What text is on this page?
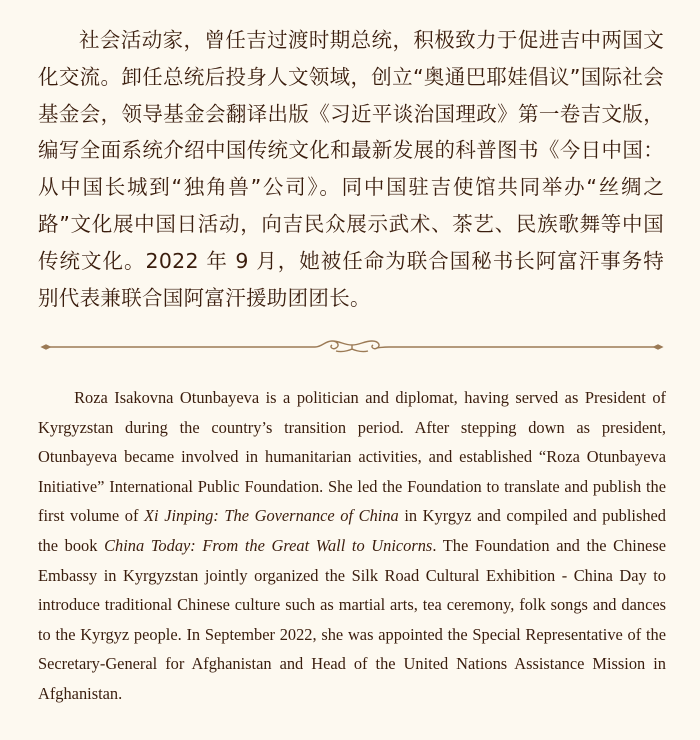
社会活动家，曾任吉过渡时期总统，积极致力于促进吉中两国文化交流。卸任总统后投身人文领域，创立“奥通巴耶娃倡议”国际社会基金会，领导基金会翻译出版《习近平谈治国理政》第一卷吉文版，编写全面系统介绍中国传统文化和最新发展的科普图书《今日中国：从中国长城到“独角兽”公司》。同中国驻吉使馆共同举办“丝绸之路”文化展中国日活动，向吉民众展示武术、茶艺、民族歌舞等中国传统文化。2022 年 9 月，她被任命为联合国秘书长阿富汗事务特别代表兼联合国阿富汗援助团团长。

Roza Isakovna Otunbayeva is a politician and diplomat, having served as President of Kyrgyzstan during the country’s transition period. After stepping down as president, Otunbayeva became involved in humanitarian activities, and established “Roza Otunbayeva Initiative” International Public Foundation. She led the Foundation to translate and publish the first volume of Xi Jinping: The Governance of China in Kyrgyz and compiled and published the book China Today: From the Great Wall to Unicorns. The Foundation and the Chinese Embassy in Kyrgyzstan jointly organized the Silk Road Cultural Exhibition - China Day to introduce traditional Chinese culture such as martial arts, tea ceremony, folk songs and dances to the Kyrgyz people. In September 2022, she was appointed the Special Representative of the Secretary-General for Afghanistan and Head of the United Nations Assistance Mission in Afghanistan.
